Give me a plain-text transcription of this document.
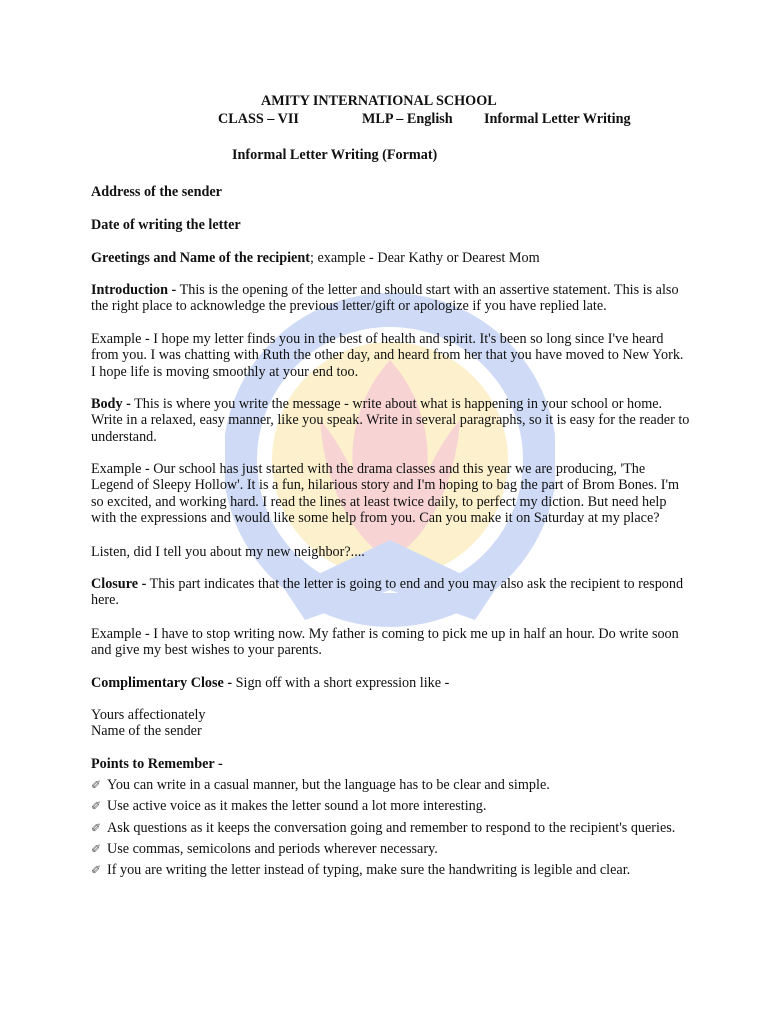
AMITY INTERNATIONAL SCHOOL
CLASS – VII	MLP – English Informal Letter Writing
Informal Letter Writing (Format)
Address of the sender
Date of writing the letter
Greetings and Name of the recipient; example - Dear Kathy or Dearest Mom
Introduction - This is the opening of the letter and should start with an assertive statement. This is also the right place to acknowledge the previous letter/gift or apologize if you have replied late.
Example - I hope my letter finds you in the best of health and spirit. It's been so long since I've heard from you. I was chatting with Ruth the other day, and heard from her that you have moved to New York. I hope life is moving smoothly at your end too.
Body - This is where you write the message - write about what is happening in your school or home. Write in a relaxed, easy manner, like you speak. Write in several paragraphs, so it is easy for the reader to understand.
Example - Our school has just started with the drama classes and this year we are producing, 'The Legend of Sleepy Hollow'. It is a fun, hilarious story and I'm hoping to bag the part of Brom Bones. I'm so excited, and working hard. I read the lines at least twice daily, to perfect my diction. But need help with the expressions and would like some help from you. Can you make it on Saturday at my place?
Listen, did I tell you about my new neighbor?....
Closure - This part indicates that the letter is going to end and you may also ask the recipient to respond here.
Example - I have to stop writing now. My father is coming to pick me up in half an hour. Do write soon and give my best wishes to your parents.
Complimentary Close - Sign off with a short expression like -
Yours affectionately
Name of the sender
Points to Remember -
✐ You can write in a casual manner, but the language has to be clear and simple.
✐ Use active voice as it makes the letter sound a lot more interesting.
✐ Ask questions as it keeps the conversation going and remember to respond to the recipient's queries.
✐ Use commas, semicolons and periods wherever necessary.
✐ If you are writing the letter instead of typing, make sure the handwriting is legible and clear.
